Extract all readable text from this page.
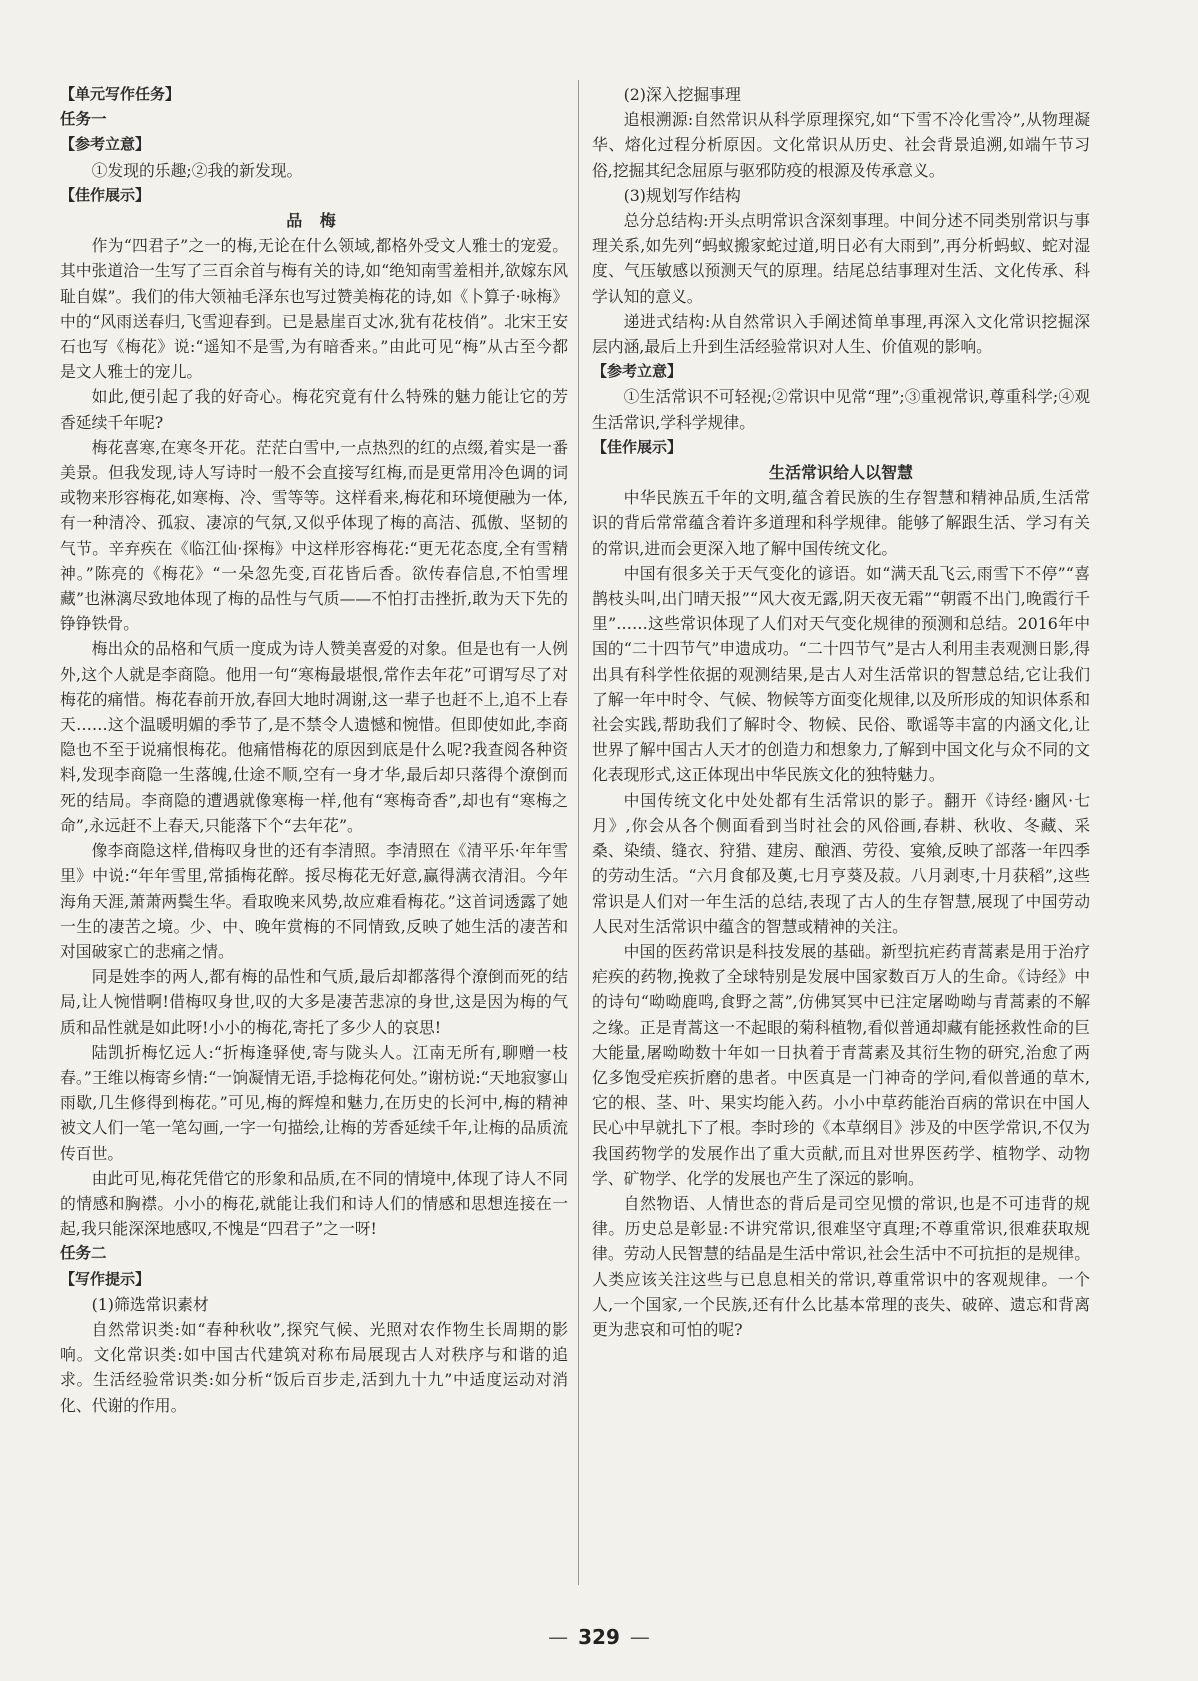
【单元写作任务】
任务一
【参考立意】

①发现的乐趣;②我的新发现。

【佳作展示】
品 梅

作为“四君子”之一的梅,无论在什么领域,都格外受文人雅士的宠爱。其中张道洽一生写了三百余首与梅有关的诗,如“绝知南雪羞相并,欲嫁东风耻自媒”。我们的伟大领袖毛泽东也写过赞美梅花的诗,如《卜算子·咏梅》中的“风雨送春归,飞雪迎春到。已是悬崖百丈冰,犹有花枝俏”。北宋王安石也写《梅花》说:“遥知不是雪,为有暗香来。”由此可见“梅”从古至今都是文人雅士的宠儿。

如此,便引起了我的好奇心。梅花究竟有什么特殊的魅力能让它的芳香延续千年呢?

梅花喜寒,在寒冬开花。茫茫白雪中,一点热烈的红的点缀,着实是一番美景。但我发现,诗人写诗时一般不会直接写红梅,而是更常用冷色调的词或物来形容梅花,如寒梅、冷、雪等等。这样看来,梅花和环境便融为一体,有一种清冷、孤寂、凄凉的气氛,又似乎体现了梅的高洁、孤傲、坚韧的气节。辛弃疾在《临江仙·探梅》中这样形容梅花:“更无花态度,全有雪精神。”陈亮的《梅花》“一朵忽先变,百花皆后香。欲传春信息,不怕雪埋藏”也淋漓尽致地体现了梅的品性与气质——不怕打击挫折,敢为天下先的铮铮铁骨。

梅出众的品格和气质一度成为诗人赞美喜爱的对象。但是也有一人例外,这个人就是李商隐。他用一句“寒梅最堪恨,常作去年花”可谓写尽了对梅花的痛惜。梅花春前开放,春回大地时凋谢,这一辈子也赶不上,追不上春天……这个温暖明媚的季节了,是不禁令人遗憾和惋惜。但即使如此,李商隐也不至于说痛恨梅花。他痛惜梅花的原因到底是什么呢?我查阅各种资料,发现李商隐一生落魄,仕途不顺,空有一身才华,最后却只落得个潦倒而死的结局。李商隐的遭遇就像寒梅一样,他有“寒梅奇香”,却也有“寒梅之命”,永远赶不上春天,只能落下个“去年花”。

像李商隐这样,借梅叹身世的还有李清照。李清照在《清平乐·年年雪里》中说:“年年雪里,常插梅花醉。挼尽梅花无好意,赢得满衣清泪。今年海角天涯,萧萧两鬓生华。看取晚来风势,故应难看梅花。”这首词透露了她一生的凄苦之境。少、中、晚年赏梅的不同情致,反映了她生活的凄苦和对国破家亡的悲痛之情。

同是姓李的两人,都有梅的品性和气质,最后却都落得个潦倒而死的结局,让人惋惜啊!借梅叹身世,叹的大多是凄苦悲凉的身世,这是因为梅的气质和品性就是如此呀!小小的梅花,寄托了多少人的哀思!

陆凯折梅忆远人:“折梅逢驿使,寄与陇头人。江南无所有,聊赠一枝春。”王维以梅寄乡情:“一饷凝情无语,手捻梅花何处。”谢枋说:“天地寂寥山雨歇,几生修得到梅花。”可见,梅的辉煌和魅力,在历史的长河中,梅的精神被文人们一笔一笔勾画,一字一句描绘,让梅的芳香延续千年,让梅的品质流传百世。

由此可见,梅花凭借它的形象和品质,在不同的情境中,体现了诗人不同的情感和胸襟。小小的梅花,就能让我们和诗人们的情感和思想连接在一起,我只能深深地感叹,不愧是“四君子”之一呀!

任务二
【写作提示】

(1)筛选常识素材

自然常识类:如“春种秋收”,探究气候、光照对农作物生长周期的影响。文化常识类:如中国古代建筑对称布局展现古人对秩序与和谐的追求。生活经验常识类:如分析“饭后百步走,活到九十九”中适度运动对消化、代谢的作用。

(2)深入挖掘事理

追根溯源:自然常识从科学原理探究,如“下雪不冷化雪冷”,从物理凝华、熔化过程分析原因。文化常识从历史、社会背景追溯,如端午节习俗,挖掘其纪念屈原与驱邪防疫的根源及传承意义。

(3)规划写作结构

总分总结构:开头点明常识含深刻事理。中间分述不同类别常识与事理关系,如先列“蚂蚁搬家蛇过道,明日必有大雨到”,再分析蚂蚁、蛇对湿度、气压敏感以预测天气的原理。结尾总结事理对生活、文化传承、科学认知的意义。

递进式结构:从自然常识入手阐述简单事理,再深入文化常识挖掘深层内涵,最后上升到生活经验常识对人生、价值观的影响。

【参考立意】

①生活常识不可轻视;②常识中见常“理”;③重视常识,尊重科学;④观生活常识,学科学规律。

【佳作展示】
生活常识给人以智慧

中华民族五千年的文明,蕴含着民族的生存智慧和精神品质,生活常识的背后常常蕴含着许多道理和科学规律。能够了解跟生活、学习有关的常识,进而会更深入地了解中国传统文化。

中国有很多关于天气变化的谚语。如“满天乱飞云,雨雪下不停”“喜鹊枝头叫,出门晴天报”“风大夜无露,阴天夜无霜”“朝霞不出门,晚霞行千里”……这些常识体现了人们对天气变化规律的预测和总结。2016年中国的“二十四节气”申遗成功。“二十四节气”是古人利用圭表观测日影,得出具有科学性依据的观测结果,是古人对生活常识的智慧总结,它让我们了解一年中时令、气候、物候等方面变化规律,以及所形成的知识体系和社会实践,帮助我们了解时令、物候、民俗、歌谣等丰富的内涵文化,让世界了解中国古人天才的创造力和想象力,了解到中国文化与众不同的文化表现形式,这正体现出中华民族文化的独特魅力。

中国传统文化中处处都有生活常识的影子。翻开《诗经·豳风·七月》,你会从各个侧面看到当时社会的风俗画,春耕、秋收、冬藏、采桑、染绩、缝衣、狩猎、建房、酿酒、劳役、宴飨,反映了部落一年四季的劳动生活。“六月食郁及薁,七月亨葵及菽。八月剥枣,十月获稻”,这些常识是人们对一年生活的总结,表现了古人的生存智慧,展现了中国劳动人民对生活常识中蕴含的智慧或精神的关注。

中国的医药常识是科技发展的基础。新型抗疟药青蒿素是用于治疗疟疾的药物,挽救了全球特别是发展中国家数百万人的生命。《诗经》中的诗句“呦呦鹿鸣,食野之蒿”,仿佛冥冥中已注定屠呦呦与青蒿素的不解之缘。正是青蒿这一不起眼的菊科植物,看似普通却藏有能拯救性命的巨大能量,屠呦呦数十年如一日执着于青蒿素及其衍生物的研究,治愈了两亿多饱受疟疾折磨的患者。中医真是一门神奇的学问,看似普通的草木,它的根、茎、叶、果实均能入药。小小中草药能治百病的常识在中国人民心中早就扎下了根。李时珍的《本草纲目》涉及的中医学常识,不仅为我国药物学的发展作出了重大贡献,而且对世界医药学、植物学、动物学、矿物学、化学的发展也产生了深远的影响。

自然物语、人情世态的背后是司空见惯的常识,也是不可违背的规律。历史总是彰显:不讲究常识,很难坚守真理;不尊重常识,很难获取规律。劳动人民智慧的结晶是生活中常识,社会生活中不可抗拒的是规律。人类应该关注这些与已息息相关的常识,尊重常识中的客观规律。一个人,一个国家,一个民族,还有什么比基本常理的丧失、破碎、遗忘和背离更为悲哀和可怕的呢?

— 329 —
